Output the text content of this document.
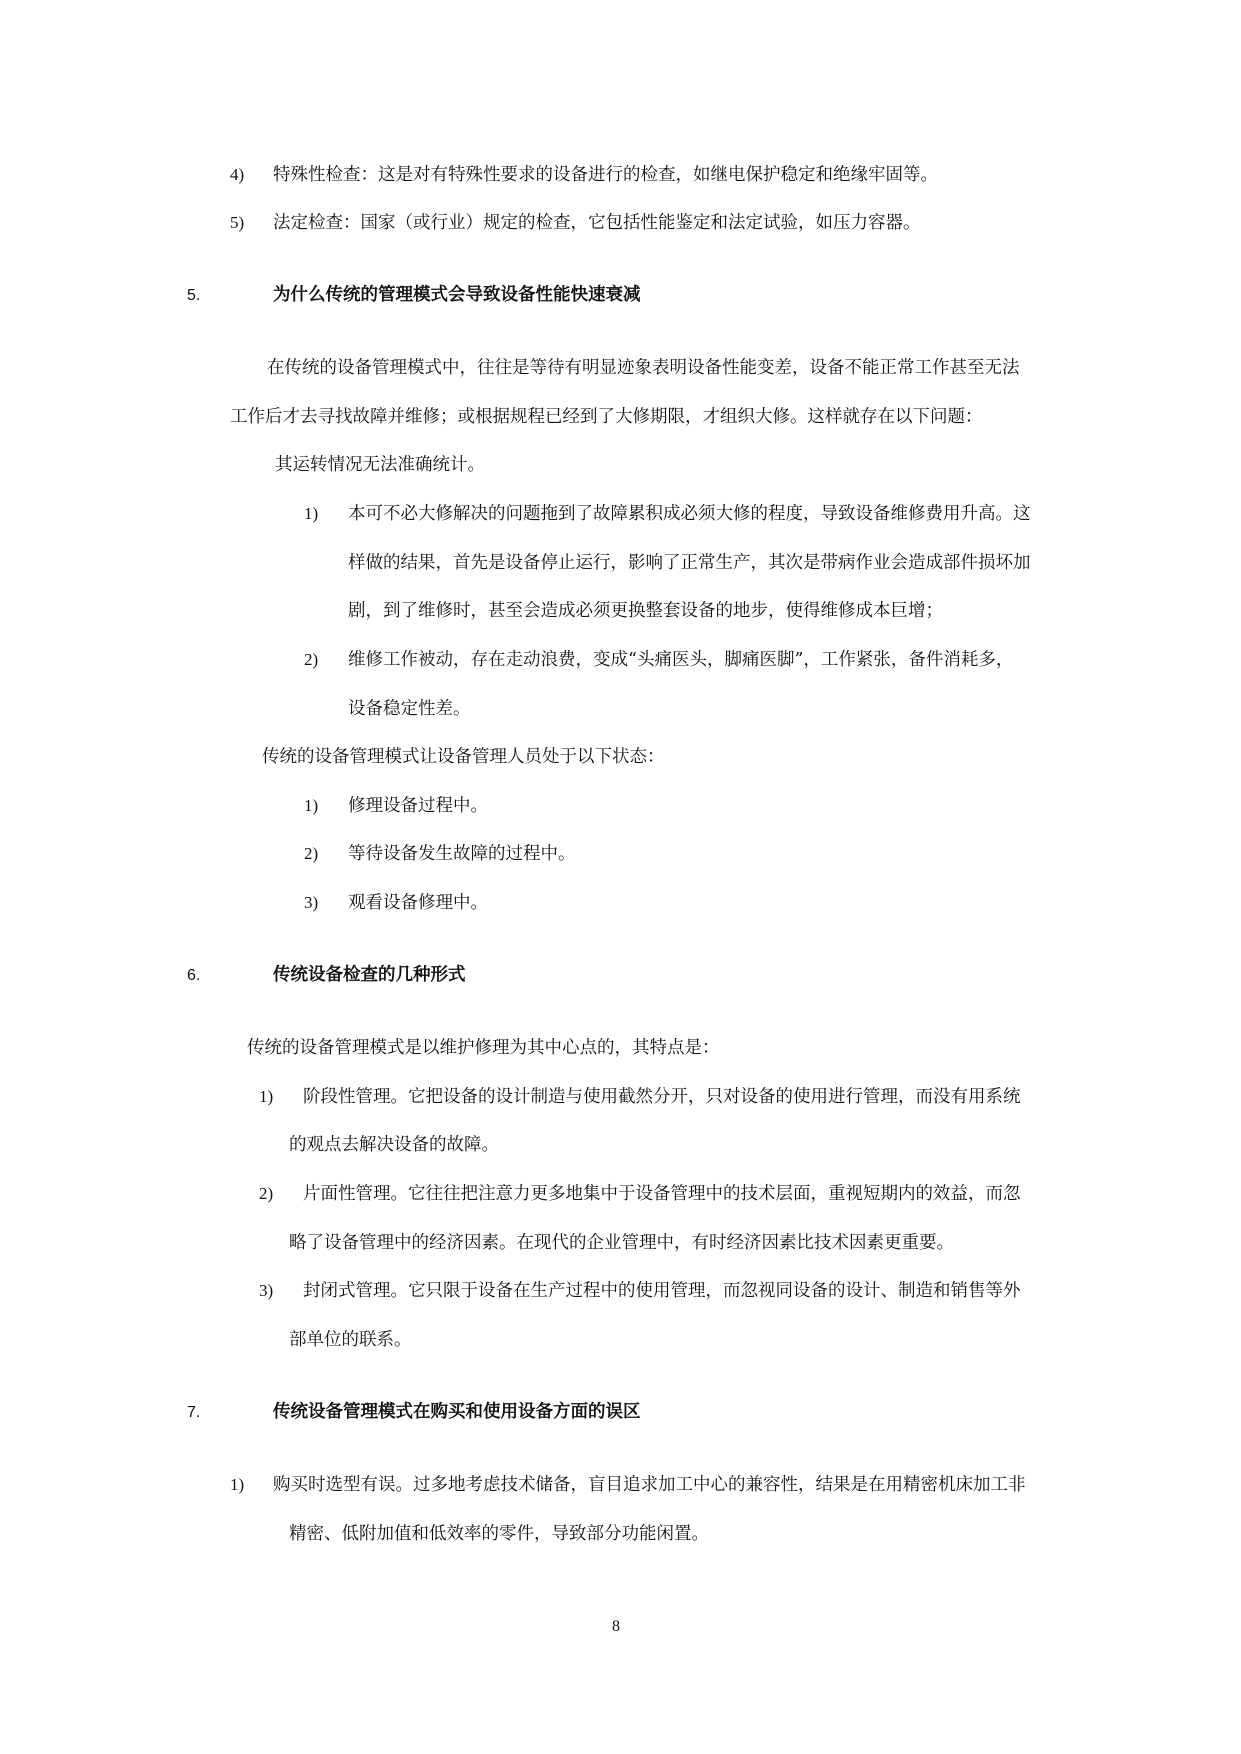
4) 特殊性检查：这是对有特殊性要求的设备进行的检查，如继电保护稳定和绝缘牢固等。
5) 法定检查：国家（或行业）规定的检查，它包括性能鉴定和法定试验，如压力容器。
5.	为什么传统的管理模式会导致设备性能快速衰减
在传统的设备管理模式中，往往是等待有明显迹象表明设备性能变差，设备不能正常工作甚至无法
工作后才去寻找故障并维修；或根据规程已经到了大修期限，才组织大修。这样就存在以下问题：
其运转情况无法准确统计。
1) 本可不必大修解决的问题拖到了故障累积成必须大修的程度，导致设备维修费用升高。这
样做的结果，首先是设备停止运行，影响了正常生产，其次是带病作业会造成部件损坏加
剧，到了维修时，甚至会造成必须更换整套设备的地步，使得维修成本巨增；
2) 维修工作被动，存在走动浪费，变成“头痛医头，脚痛医脚”，工作紧张，备件消耗多，
设备稳定性差。
传统的设备管理模式让设备管理人员处于以下状态：
1) 修理设备过程中。
2) 等待设备发生故障的过程中。
3) 观看设备修理中。
6.	传统设备检查的几种形式
传统的设备管理模式是以维护修理为其中心点的，其特点是：
1) 阶段性管理。它把设备的设计制造与使用截然分开，只对设备的使用进行管理，而没有用系统
的观点去解决设备的故障。
2) 片面性管理。它往往把注意力更多地集中于设备管理中的技术层面，重视短期内的效益，而忽
略了设备管理中的经济因素。在现代的企业管理中，有时经济因素比技术因素更重要。
3) 封闭式管理。它只限于设备在生产过程中的使用管理，而忽视同设备的设计、制造和销售等外
部单位的联系。
7.	传统设备管理模式在购买和使用设备方面的误区
1) 购买时选型有误。过多地考虑技术储备，盲目追求加工中心的兼容性，结果是在用精密机床加工非
精密、低附加值和低效率的零件，导致部分功能闲置。
8
